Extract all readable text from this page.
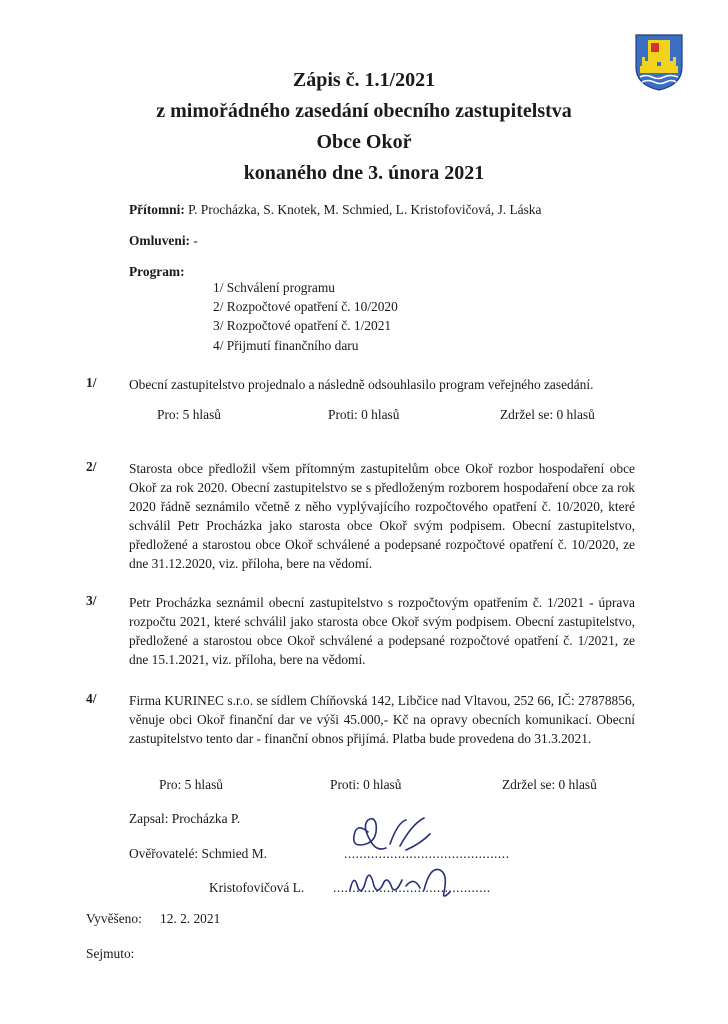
Zápis č. 1.1/2021
z mimořádného zasedání obecního zastupitelstva
Obce Okoř
konaného dne 3. února 2021
Přítomni: P. Procházka, S. Knotek, M. Schmied, L. Kristofovičová, J. Láska
Omluveni: -
Program:
1/ Schválení programu
2/ Rozpočtové opatření č. 10/2020
3/ Rozpočtové opatření č. 1/2021
4/ Přijmutí finančního daru
1/ Obecní zastupitelstvo projednalo a následně odsouhlasilo program veřejného zasedání.
Pro: 5 hlasů	Proti: 0 hlasů	Zdržel se: 0 hlasů
2/ Starosta obce předložil všem přítomným zastupitelům obce Okoř rozbor hospodaření obce Okoř za rok 2020. Obecní zastupitelstvo se s předloženým rozborem hospodaření obce za rok 2020 řádně seznámilo včetně z něho vyplývajícího rozpočtového opatření č. 10/2020, které schválil Petr Procházka jako starosta obce Okoř svým podpisem. Obecní zastupitelstvo, předložené a starostou obce Okoř schválené a podepsané rozpočtové opatření č. 10/2020, ze dne 31.12.2020, viz. příloha, bere na vědomí.
3/ Petr Procházka seznámil obecní zastupitelstvo s rozpočtovým opatřením č. 1/2021 - úprava rozpočtu 2021, které schválil jako starosta obce Okoř svým podpisem. Obecní zastupitelstvo, předložené a starostou obce Okoř schválené a podepsané rozpočtové opatření č. 1/2021, ze dne 15.1.2021, viz. příloha, bere na vědomí.
4/ Firma KURINEC s.r.o. se sídlem Chíňovská 142, Libčice nad Vltavou, 252 66, IČ: 27878856, věnuje obci Okoř finanční dar ve výši 45.000,- Kč na opravy obecních komunikací. Obecní zastupitelstvo tento dar - finanční obnos přijímá. Platba bude provedena do 31.3.2021.
Pro: 5 hlasů	Proti: 0 hlasů	Zdržel se: 0 hlasů
Zapsal: Procházka P.
Ověřovatelé: Schmied M.	...........................................
Kristofovičová L. .........................................
Vyvěšeno: 12. 2. 2021
Sejmuto:
